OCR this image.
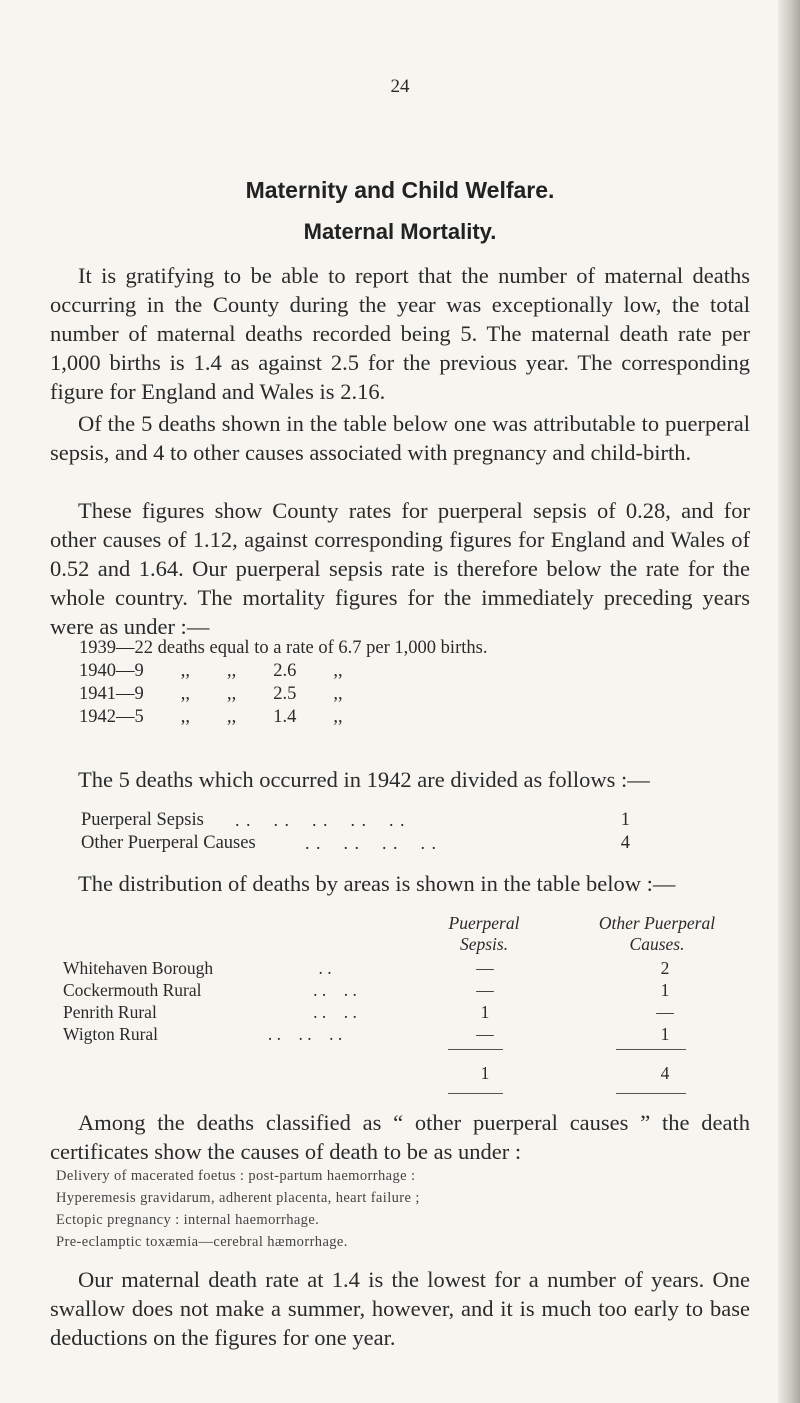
24
Maternity and Child Welfare.
Maternal Mortality.

It is gratifying to be able to report that the number of maternal deaths occurring in the County during the year was exceptionally low, the total number of maternal deaths recorded being 5. The maternal death rate per 1,000 births is 1.4 as against 2.5 for the previous year. The corresponding figure for England and Wales is 2.16.

Of the 5 deaths shown in the table below one was attributable to puerperal sepsis, and 4 to other causes associated with pregnancy and child-birth.

These figures show County rates for puerperal sepsis of 0.28, and for other causes of 1.12, against corresponding figures for England and Wales of 0.52 and 1.64. Our puerperal sepsis rate is therefore below the rate for the whole country. The mortality figures for the immediately preceding years were as under :—

1939—22 deaths equal to a rate of 6.7 per 1,000 births.
1940—9        ,,        ,,        2.6        ,,
1941—9        ,,        ,,        2.5        ,,
1942—5        ,,        ,,        1.4        ,,

The 5 deaths which occurred in 1942 are divided as follows :—

Puerperal Sepsis . .    . .    . .    . .    . .	1
Other Puerperal Causes	. .    . .    . .    . .	4

The distribution of deaths by areas is shown in the table below :—

Puerperal
Sepsis.
Other Puerperal
Causes.
Whitehaven Borough	. .	—	2
Cockermouth Rural	. .    . .	—	1
Penrith Rural	. .    . .	1	—
Wigton Rural	. .    . .    . .	—	1
1	4

Among the deaths classified as “ other puerperal causes ” the death certificates show the causes of death to be as under :

Delivery of macerated foetus : post-partum haemorrhage :
Hyperemesis gravidarum, adherent placenta, heart failure ;
Ectopic pregnancy : internal haemorrhage.
Pre-eclamptic toxæmia—cerebral hæmorrhage.

Our maternal death rate at 1.4 is the lowest for a number of years. One swallow does not make a summer, however, and it is much too early to base deductions on the figures for one year.
